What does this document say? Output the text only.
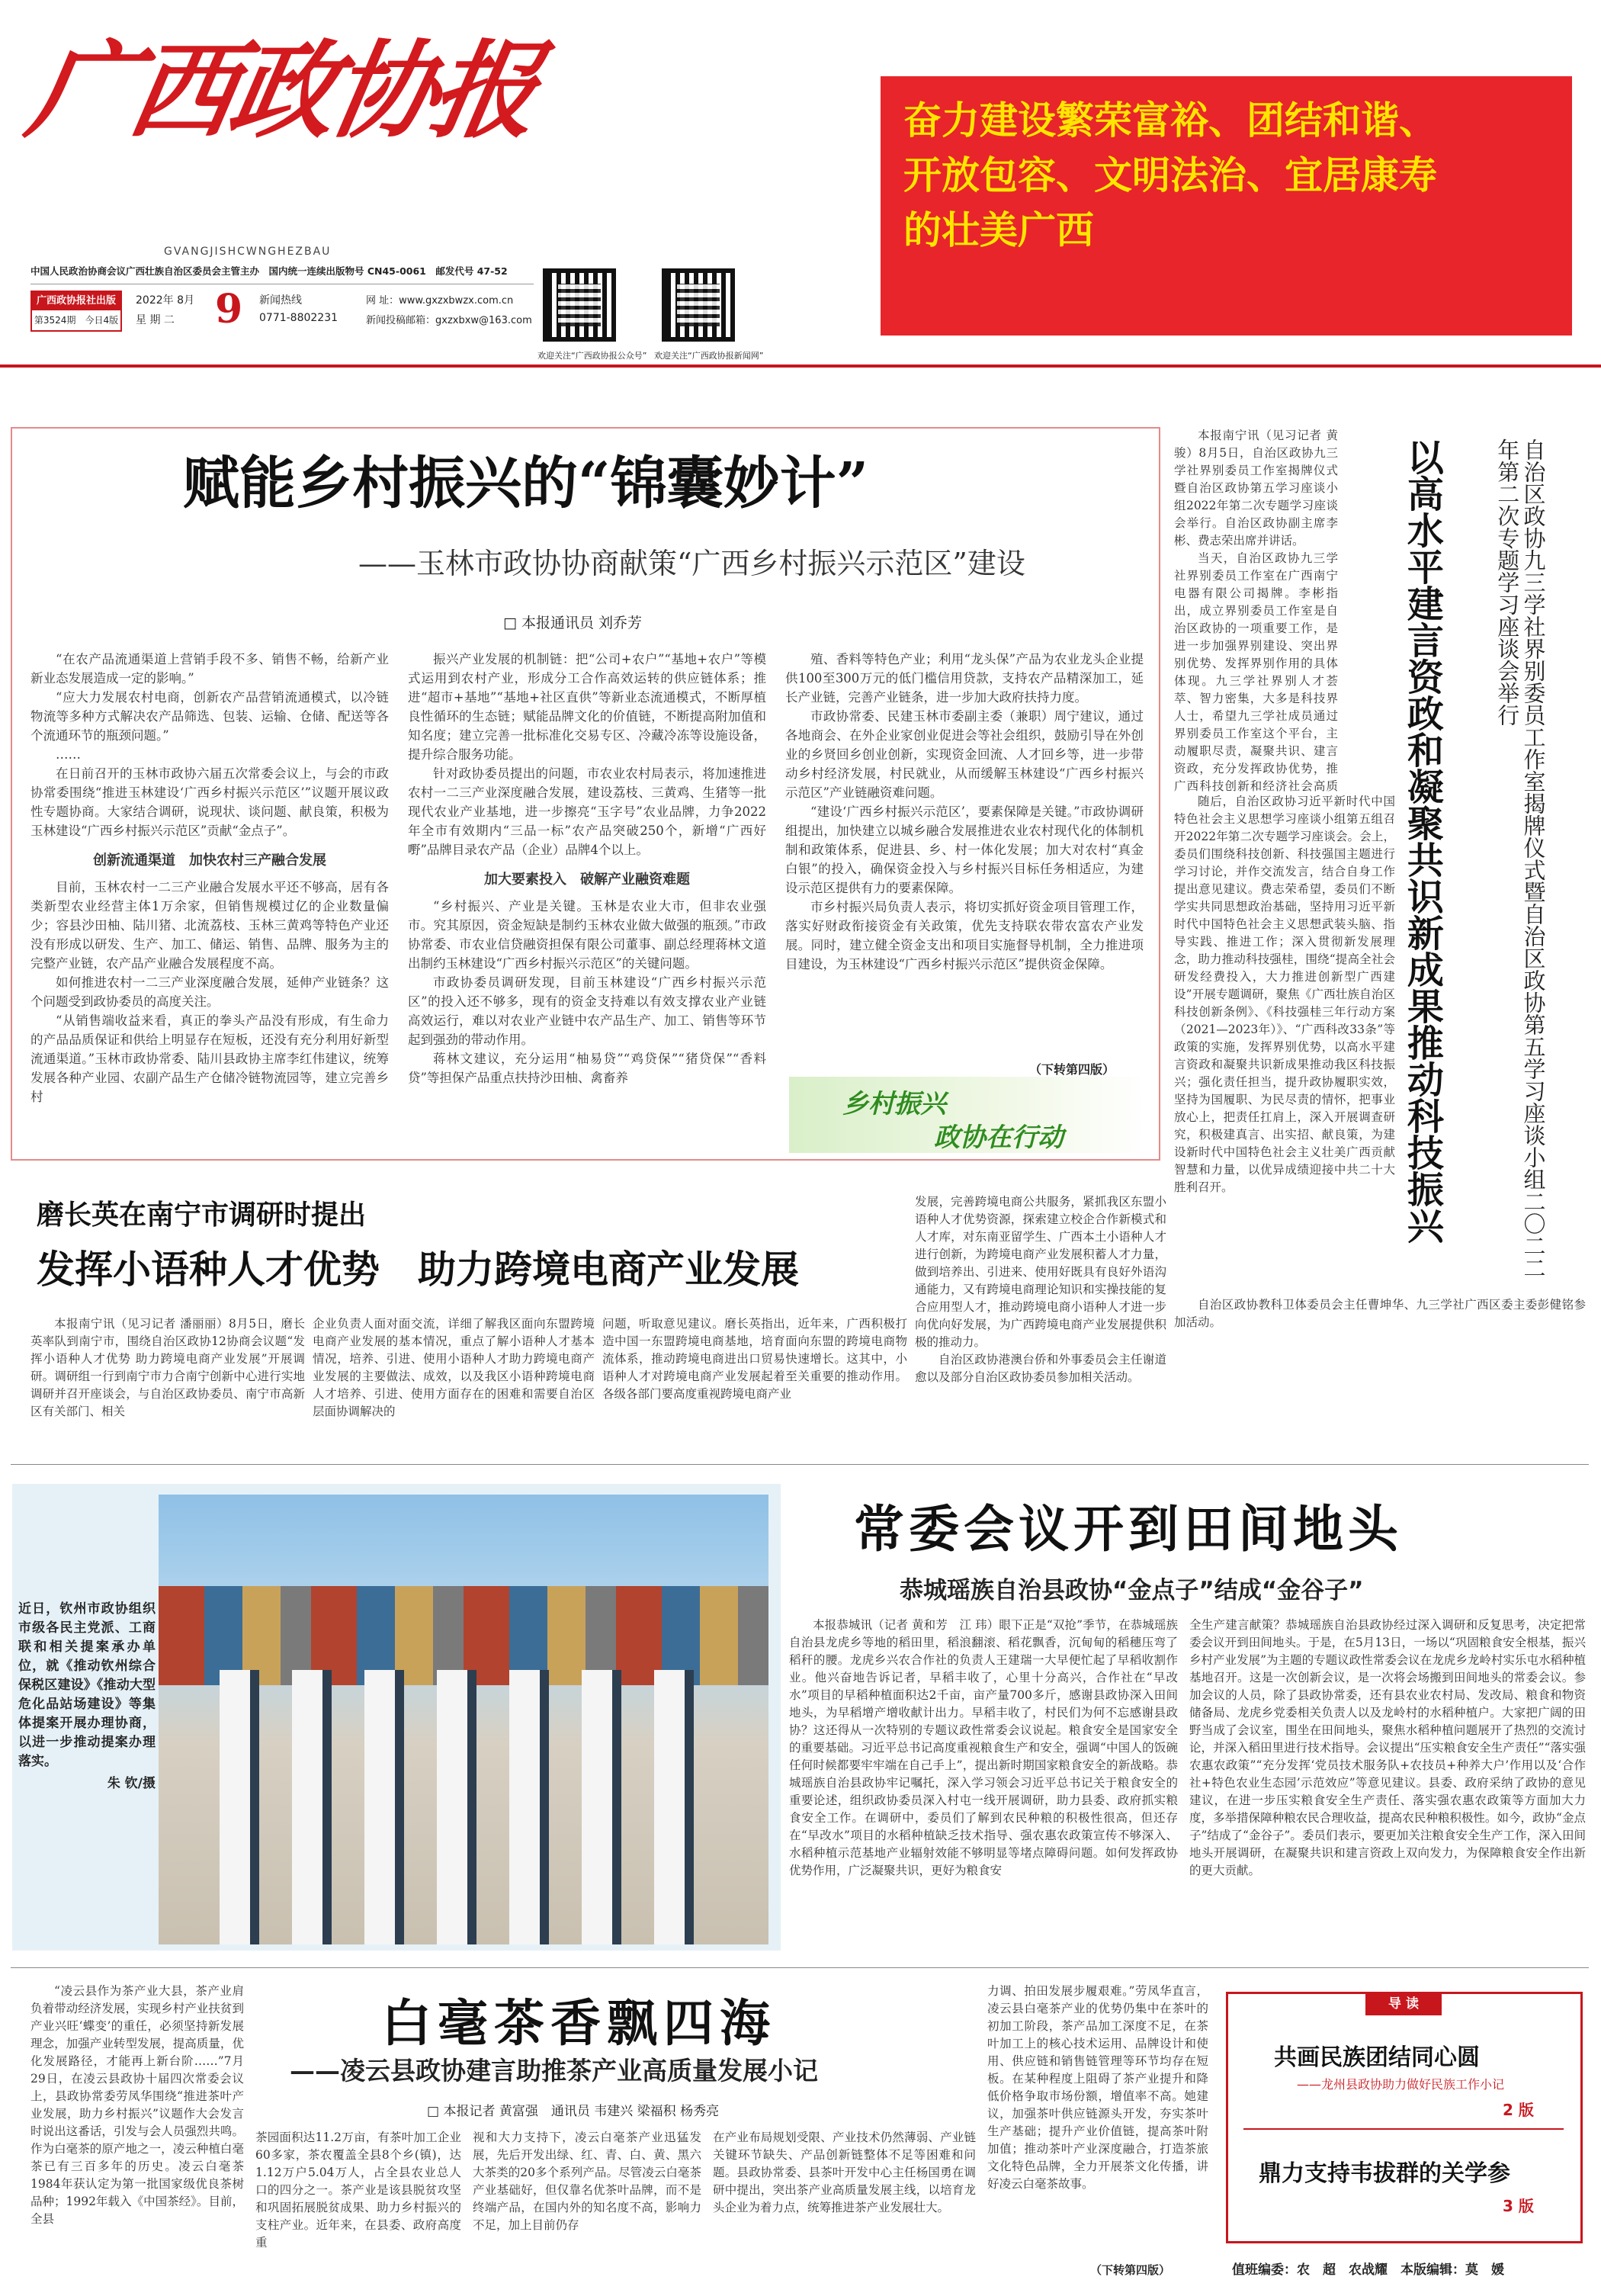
广西政协报
GVANGJISHCWNGHEZBAU
中国人民政治协商会议广西壮族自治区委员会主管主办　国内统一连续出版物号 CN45-0061　邮发代号 47-52
广西政协报社出版
第3524期　今日4版
2022年 8月
星 期 二 9 新闻热线
0771-8802231
网 址：www.gxzxbwzx.com.cn
新闻投稿邮箱：gxzxbxw@163.com
欢迎关注“广西政协报公众号” 欢迎关注“广西政协报新闻网”
奋力建设繁荣富裕、团结和谐、
开放包容、文明法治、宜居康寿
的壮美广西
赋能乡村振兴的“锦囊妙计”
——玉林市政协协商献策“广西乡村振兴示范区”建设
□ 本报通讯员 刘乔芳

“在农产品流通渠道上营销手段不多、销售不畅，给新产业新业态发展造成一定的影响。”

“应大力发展农村电商，创新农产品营销流通模式，以冷链物流等多种方式解决农产品筛选、包装、运输、仓储、配送等各个流通环节的瓶颈问题。”

……

在日前召开的玉林市政协六届五次常委会议上，与会的市政协常委围绕“推进玉林建设‘广西乡村振兴示范区’”议题开展议政性专题协商。大家结合调研，说现状、谈问题、献良策，积极为玉林建设“广西乡村振兴示范区”贡献“金点子”。

创新流通渠道　加快农村三产融合发展

目前，玉林农村一二三产业融合发展水平还不够高，居有各类新型农业经营主体1万余家，但销售规模过亿的企业数量偏少；容县沙田柚、陆川猪、北流荔枝、玉林三黄鸡等特色产业还没有形成以研发、生产、加工、储运、销售、品牌、服务为主的完整产业链，农产品产业融合发展程度不高。

如何推进农村一二三产业深度融合发展，延伸产业链条？这个问题受到政协委员的高度关注。

“从销售端收益来看，真正的拳头产品没有形成，有生命力的产品品质保证和供给上明显存在短板，还没有充分利用好新型流通渠道。”玉林市政协常委、陆川县政协主席李红伟建议，统筹发展各种产业园、农副产品生产仓储冷链物流园等，建立完善乡村

振兴产业发展的机制链：把“公司+农户”“基地+农户”等模式运用到农村产业，形成分工合作高效运转的供应链体系；推进“超市+基地”“基地+社区直供”等新业态流通模式，不断厚植良性循环的生态链；赋能品牌文化的价值链，不断提高附加值和知名度；建立完善一批标准化交易专区、冷藏冷冻等设施设备，提升综合服务功能。

针对政协委员提出的问题，市农业农村局表示，将加速推进农村一二三产业深度融合发展，建设荔枝、三黄鸡、生猪等一批现代农业产业基地，进一步擦亮“玉字号”农业品牌，力争2022年全市有效期内“三品一标”农产品突破250个，新增“广西好嘢”品牌目录农产品（企业）品牌4个以上。

加大要素投入　破解产业融资难题

“乡村振兴、产业是关键。玉林是农业大市，但非农业强市。究其原因，资金短缺是制约玉林农业做大做强的瓶颈。”市政协常委、市农业信贷融资担保有限公司董事、副总经理蒋林文道出制约玉林建设“广西乡村振兴示范区”的关键问题。

市政协委员调研发现，目前玉林建设“广西乡村振兴示范区”的投入还不够多，现有的资金支持难以有效支撑农业产业链高效运行，难以对农业产业链中农产品生产、加工、销售等环节起到强劲的带动作用。

蒋林文建议，充分运用“柚易贷”“鸡贷保”“猪贷保”“香料贷”等担保产品重点扶持沙田柚、禽畜养

殖、香料等特色产业；利用“龙头保”产品为农业龙头企业提供100至300万元的低门槛信用贷款，支持农产品精深加工，延长产业链，完善产业链条，进一步加大政府扶持力度。

市政协常委、民建玉林市委副主委（兼职）周宁建议，通过各地商会、在外企业家创业促进会等社会组织，鼓励引导在外创业的乡贤回乡创业创新，实现资金回流、人才回乡等，进一步带动乡村经济发展，村民就业，从而缓解玉林建设“广西乡村振兴示范区”产业链融资难问题。

“建设‘广西乡村振兴示范区’，要素保障是关键。”市政协调研组提出，加快建立以城乡融合发展推进农业农村现代化的体制机制和政策体系，促进县、乡、村一体化发展；加大对农村“真金白银”的投入，确保资金投入与乡村振兴目标任务相适应，为建设示范区提供有力的要素保障。

市乡村振兴局负责人表示，将切实抓好资金项目管理工作，落实好财政衔接资金有关政策，优先支持联农带农富农产业发展。同时，建立健全资金支出和项目实施督导机制，全力推进项目建设，为玉林建设“广西乡村振兴示范区”提供资金保障。

（下转第四版）
乡村振兴
政协在行动

本报南宁讯（见习记者 黄骏）8月5日，自治区政协九三学社界别委员工作室揭牌仪式暨自治区政协第五学习座谈小组2022年第二次专题学习座谈会举行。自治区政协副主席李彬、费志荣出席并讲话。

当天，自治区政协九三学社界别委员工作室在广西南宁电器有限公司揭牌。李彬指出，成立界别委员工作室是自治区政协的一项重要工作，是进一步加强界别建设、突出界别优势、发挥界别作用的具体体现。九三学社界别人才荟萃、智力密集，大多是科技界人士，希望九三学社成员通过界别委员工作室这个平台，主动履职尽责，凝聚共识、建言资政，充分发挥政协优势，推广西科技创新和经济社会高质 以高水平建言资政和凝聚共识新成果推动科技振兴	自治区政协九三学社界别委员工作室揭牌仪式暨自治区政协第五学习座谈小组二〇二二年第二次专题学习座谈会举行

随后，自治区政协习近平新时代中国特色社会主义思想学习座谈小组第五组召开2022年第二次专题学习座谈会。会上，委员们围绕科技创新、科技强国主题进行学习讨论，并作交流发言，结合自身工作提出意见建议。费志荣希望，委员们不断学实共同思想政治基础，坚持用习近平新时代中国特色社会主义思想武装头脑、指导实践、推进工作；深入贯彻新发展理念，助力推动科技强桂，围绕“提高全社会研发经费投入，大力推进创新型广西建设”开展专题调研，聚焦《广西壮族自治区科技创新条例》、《科技强桂三年行动方案（2021—2023年）》、“广西科改33条”等政策的实施，发挥界别优势，以高水平建言资政和凝聚共识新成果推动我区科技振兴；强化责任担当，提升政协履职实效，坚持为国履职、为民尽责的情怀，把事业放心上，把责任扛肩上，深入开展调查研究，积极建真言、出实招、献良策，为建设新时代中国特色社会主义壮美广西贡献智慧和力量，以优异成绩迎接中共二十大胜利召开。

自治区政协教科卫体委员会主任曹坤华、九三学社广西区委主委彭健铭参加活动。

磨长英在南宁市调研时提出
发挥小语种人才优势　助力跨境电商产业发展

本报南宁讯（见习记者 潘丽丽）8月5日，磨长英率队到南宁市，围绕自治区政协12协商会议题“发挥小语种人才优势 助力跨境电商产业发展”开展调研。调研组一行到南宁市力合南宁创新中心进行实地调研并召开座谈会，与自治区政协委员、南宁市高新区有关部门、相关

企业负责人面对面交流，详细了解我区面向东盟跨境电商产业发展的基本情况，重点了解小语种人才基本情况，培养、引进、使用小语种人才助力跨境电商产业发展的主要做法、成效，以及我区小语种跨境电商人才培养、引进、使用方面存在的困难和需要自治区层面协调解决的

问题，听取意见建议。磨长英指出，近年来，广西积极打造中国一东盟跨境电商基地，培育面向东盟的跨境电商物流体系，推动跨境电商进出口贸易快速增长。这其中，小语种人才对跨境电商产业发展起着至关重要的推动作用。各级各部门要高度重视跨境电商产业

发展，完善跨境电商公共服务，紧抓我区东盟小语种人才优势资源，探索建立校企合作新模式和人才库，对东南亚留学生、广西本土小语种人才进行创新，为跨境电商产业发展积蓄人才力量，做到培养出、引进来、使用好既具有良好外语沟通能力，又有跨境电商理论知识和实操技能的复合应用型人才，推动跨境电商小语种人才进一步向优向好发展，为广西跨境电商产业发展提供积极的推动力。

自治区政协港澳台侨和外事委员会主任谢道愈以及部分自治区政协委员参加相关活动。

近日，钦州市政协组织市级各民主党派、工商联和相关提案承办单位，就《推动钦州综合保税区建设》《推动大型危化品站场建设》等集体提案开展办理协商，以进一步推动提案办理落实。
朱 钦/摄
常委会议开到田间地头
恭城瑶族自治县政协“金点子”结成“金谷子”

本报恭城讯（记者 黄和芳　江 玮）眼下正是“双抢”季节，在恭城瑶族自治县龙虎乡等地的稻田里，稻浪翻滚、稻花飘香，沉甸甸的稻穗压弯了稻秆的腰。龙虎乡兴农合作社的负责人王建瑞一大早便忙起了早稻收割作业。他兴奋地告诉记者，早稻丰收了，心里十分高兴，合作社在“早改水”项目的早稻种植面积达2千亩，亩产量700多斤，感谢县政协深入田间地头，为早稻增产增收献计出力。早稻丰收了，村民们为何不忘感谢县政协？这还得从一次特别的专题议政性常委会议说起。粮食安全是国家安全的重要基础。习近平总书记高度重视粮食生产和安全，强调“中国人的饭碗任何时候都要牢牢端在自己手上”，提出新时期国家粮食安全的新战略。恭城瑶族自治县政协牢记嘱托，深入学习领会习近平总书记关于粮食安全的重要论述，组织政协委员深入村屯一线开展调研，助力县委、政府抓实粮食安全工作。在调研中，委员们了解到农民种粮的积极性很高，但还存在“早改水”项目的水稻种植缺乏技术指导、强农惠农政策宣传不够深入、水稻种植示范基地产业辐射效能不够明显等堵点障碍问题。如何发挥政协优势作用，广泛凝聚共识，更好为粮食安

全生产建言献策？恭城瑶族自治县政协经过深入调研和反复思考，决定把常委会议开到田间地头。于是，在5月13日，一场以“巩固粮食安全根基，振兴乡村产业发展”为主题的专题议政性常委会议在龙虎乡龙岭村实乐屯水稻种植基地召开。这是一次创新会议，是一次将会场搬到田间地头的常委会议。参加会议的人员，除了县政协常委，还有县农业农村局、发改局、粮食和物资储备局、龙虎乡党委相关负责人以及龙岭村的水稻种植户。大家把广阔的田野当成了会议室，围坐在田间地头，聚焦水稻种植问题展开了热烈的交流讨论，并深入稻田里进行技术指导。会议提出“压实粮食安全生产责任”“落实强农惠农政策”“充分发挥‘党员技术服务队+农技员+种养大户’作用以及‘合作社+特色农业生态园’示范效应”等意见建议。县委、政府采纳了政协的意见建议，在进一步压实粮食安全生产责任、落实强农惠农政策等方面加大力度，多举措保障种粮农民合理收益，提高农民种粮积极性。如今，政协“金点子”结成了“金谷子”。委员们表示，要更加关注粮食安全生产工作，深入田间地头开展调研，在凝聚共识和建言资政上双向发力，为保障粮食安全作出新的更大贡献。

“凌云县作为茶产业大县，茶产业肩负着带动经济发展，实现乡村产业扶贫到产业兴旺‘蝶变’的重任，必须坚持新发展理念，加强产业转型发展，提高质量，优化发展路径，才能再上新台阶……”7月29日，在凌云县政协十届四次常委会议上，县政协常委劳凤华围绕“推进茶叶产业发展，助力乡村振兴”议题作大会发言时说出这番话，引发与会人员强烈共鸣。作为白毫茶的原产地之一，凌云种植白毫茶已有三百多年的历史。凌云白毫茶1984年获认定为第一批国家级优良茶树品种；1992年载入《中国茶经》。目前，全县

白毫茶香飘四海
——凌云县政协建言助推茶产业高质量发展小记
□ 本报记者 黄富强　通讯员 韦建兴 梁福积 杨秀亮

茶园面积达11.2万亩，有茶叶加工企业60多家，茶农覆盖全县8个乡(镇)，达1.12万户5.04万人，占全县农业总人口的四分之一。茶产业是该县脱贫攻坚和巩固拓展脱贫成果、助力乡村振兴的支柱产业。近年来，在县委、政府高度重

视和大力支持下，凌云白毫茶产业迅猛发展，先后开发出绿、红、青、白、黄、黑六大茶类的20多个系列产品。尽管凌云白毫茶产业基础好，但仅靠名优茶叶品牌，而不是终端产品，在国内外的知名度不高，影响力不足，加上目前仍存

在产业布局规划受限、产业技术仍然薄弱、产业链关键环节缺失、产品创新链整体不足等困难和问题。县政协常委、县茶叶开发中心主任杨国勇在调研中提出，突出茶产业高质量发展主线，以培育龙头企业为着力点，统筹推进茶产业发展壮大。

力调、拍田发展步履艰难。”劳凤华直言，凌云县白毫茶产业的优势仍集中在茶叶的初加工阶段，茶产品加工深度不足，在茶叶加工上的核心技术运用、品牌设计和使用、供应链和销售链管理等环节均存在短板。在某种程度上阻碍了茶产业提升和降低价格争取市场份额，增值率不高。她建议，加强茶叶供应链源头开发，夯实茶叶生产基础；提升产业价值链，提高茶叶附加值；推动茶叶产业深度融合，打造茶旅文化特色品牌，全力开展茶文化传播，讲好凌云白毫茶故事。

（下转第四版）
导 读
共画民族团结同心圆
——龙州县政协助力做好民族工作小记
2 版
鼎力支持韦拔群的关学参
3 版
值班编委：农　超　农战耀　本版编辑：莫　媛
